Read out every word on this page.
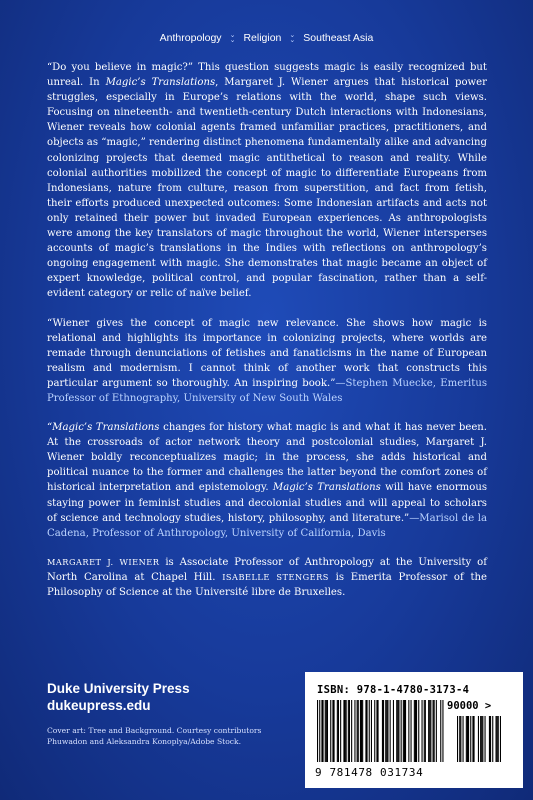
Anthropology ⌄
⌄ Religion ⌄
⌄ Southeast Asia

“Do you believe in magic?” This question suggests magic is easily recognized but unreal. In Magic’s Translations, Margaret J. Wiener argues that historical power struggles, especially in Europe’s relations with the world, shape such views. Focusing on nineteenth- and twentieth-century Dutch interactions with Indonesians, Wiener reveals how colonial agents framed unfamiliar practices, practitioners, and objects as “magic,” rendering distinct phenomena fundamentally alike and advancing colonizing projects that deemed magic antithetical to reason and reality. While colonial authorities mobilized the concept of magic to differentiate Europeans from Indonesians, nature from culture, reason from superstition, and fact from fetish, their efforts produced unexpected outcomes: Some Indonesian artifacts and acts not only retained their power but invaded European experiences. As anthropologists were among the key translators of magic throughout the world, Wiener intersperses accounts of magic’s translations in the Indies with reflections on anthropology’s ongoing engagement with magic. She demonstrates that magic became an object of expert knowledge, political control, and popular fascination, rather than a self-evident category or relic of naïve belief.

“Wiener gives the concept of magic new relevance. She shows how magic is relational and highlights its importance in colonizing projects, where worlds are remade through denunciations of fetishes and fanaticisms in the name of European realism and modernism. I cannot think of another work that constructs this particular argument so thoroughly. An inspiring book.”—Stephen Muecke, Emeritus Professor of Ethnography, University of New South Wales

“Magic’s Translations changes for history what magic is and what it has never been. At the crossroads of actor network theory and postcolonial studies, Margaret J. Wiener boldly reconceptualizes magic; in the process, she adds historical and political nuance to the former and challenges the latter beyond the comfort zones of historical interpretation and epistemology. Magic’s Translations will have enormous staying power in feminist studies and decolonial studies and will appeal to scholars of science and technology studies, history, philosophy, and literature.”—Marisol de la Cadena, Professor of Anthropology, University of California, Davis

MARGARET J. WIENER is Associate Professor of Anthropology at the University of North Carolina at Chapel Hill. ISABELLE STENGERS is Emerita Professor of the Philosophy of Science at the Université libre de Bruxelles.

Duke University Press
dukeupress.edu
Cover art: Tree and Background. Courtesy contributors Phuwadon and Aleksandra Konoplya/Adobe Stock.
ISBN: 978-1-4780-3173-4
90000 >
9 781478 031734
